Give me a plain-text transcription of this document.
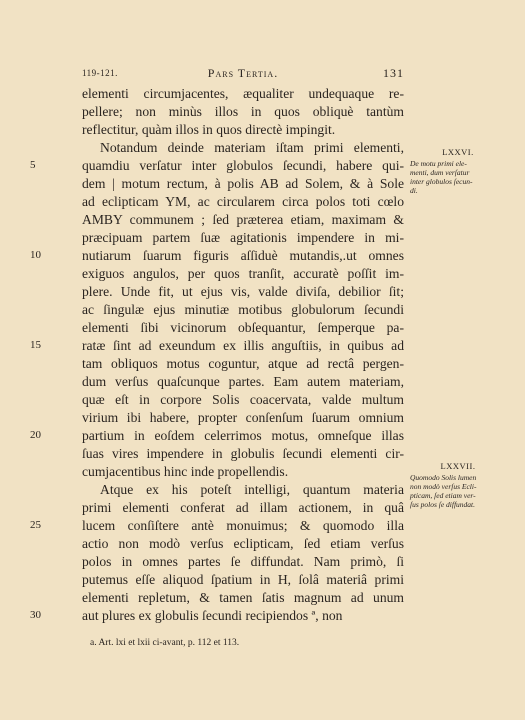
119-121.	Pars Tertia.	131
elementi circumjacentes, æqualiter undequaque re-
pellere; non minùs illos in quos obliquè tantùm
reflectitur, quàm illos in quos directè impingit.
Notandum deinde materiam iſtam primi elementi,
quamdiu verſatur inter globulos ſecundi, habere qui-
dem | motum rectum, à polis AB ad Solem, & à Sole
ad eclipticam YM, ac circularem circa polos toti cœlo
AMBY communem ; ſed præterea etiam, maximam &
præcipuam partem ſuæ agitationis impendere in mi-
nutiarum ſuarum figuris aſſiduè mutandis,.ut omnes
exiguos angulos, per quos tranſit, accuratè poſſit im-
plere. Unde fit, ut ejus vis, valde diviſa, debilior ſit;
ac ſingulæ ejus minutiæ motibus globulorum ſecundi
elementi ſibi vicinorum obſequantur, ſemperque pa-
ratæ ſint ad exeundum ex illis anguſtiis, in quibus ad
tam obliquos motus coguntur, atque ad rectâ pergen-
dum verſus quaſcunque partes. Eam autem materiam,
quæ eſt in corpore Solis coacervata, valde multum
virium ibi habere, propter conſenſum ſuarum omnium
partium in eoſdem celerrimos motus, omneſque illas
ſuas vires impendere in globulis ſecundi elementi cir-
cumjacentibus hinc inde propellendis.
Atque ex his poteſt intelligi, quantum materia
primi elementi conferat ad illam actionem, in quâ
lucem conſiſtere antè monuimus; & quomodo illa
actio non modò verſus eclipticam, ſed etiam verſus
polos in omnes partes ſe diffundat. Nam primò, ſi
putemus eſſe aliquod ſpatium in H, ſolâ materiâ primi
elementi repletum, & tamen ſatis magnum ad unum
aut plures ex globulis ſecundi recipiendos ª, non
5
10
15
20
25
30
LXXVI.
De motu primi ele-
menti, dum verſatur
inter globulos ſecun-
di.
LXXVII.
Quomodo Solis lumen
non modò verſus Ecli-
pticam, ſed etiam ver-
ſus polos ſe diffundat.
a. Art. lxi et lxii ci-avant, p. 112 et 113.
